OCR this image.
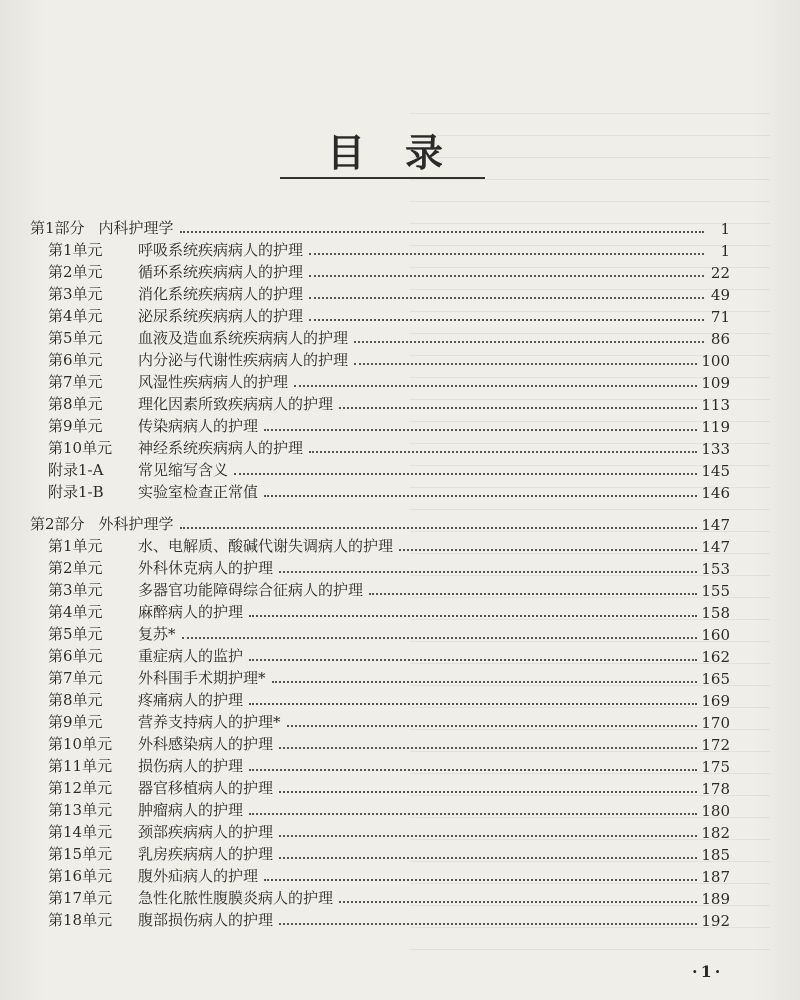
目录
第1部分 内科护理学	1
第1单元	呼吸系统疾病病人的护理	1
第2单元	循环系统疾病病人的护理	22
第3单元	消化系统疾病病人的护理	49
第4单元	泌尿系统疾病病人的护理	71
第5单元	血液及造血系统疾病病人的护理	86
第6单元	内分泌与代谢性疾病病人的护理	100
第7单元	风湿性疾病病人的护理	109
第8单元	理化因素所致疾病病人的护理	113
第9单元	传染病病人的护理	119
第10单元	神经系统疾病病人的护理	133
附录1-A	常见缩写含义	145
附录1-B	实验室检查正常值	146
第2部分 外科护理学	147
第1单元	水、电解质、酸碱代谢失调病人的护理	147
第2单元	外科休克病人的护理	153
第3单元	多器官功能障碍综合征病人的护理	155
第4单元	麻醉病人的护理	158
第5单元	复苏*	160
第6单元	重症病人的监护	162
第7单元	外科围手术期护理*	165
第8单元	疼痛病人的护理	169
第9单元	营养支持病人的护理*	170
第10单元	外科感染病人的护理	172
第11单元	损伤病人的护理	175
第12单元	器官移植病人的护理	178
第13单元	肿瘤病人的护理	180
第14单元	颈部疾病病人的护理	182
第15单元	乳房疾病病人的护理	185
第16单元	腹外疝病人的护理	187
第17单元	急性化脓性腹膜炎病人的护理	189
第18单元	腹部损伤病人的护理	192
·1·
